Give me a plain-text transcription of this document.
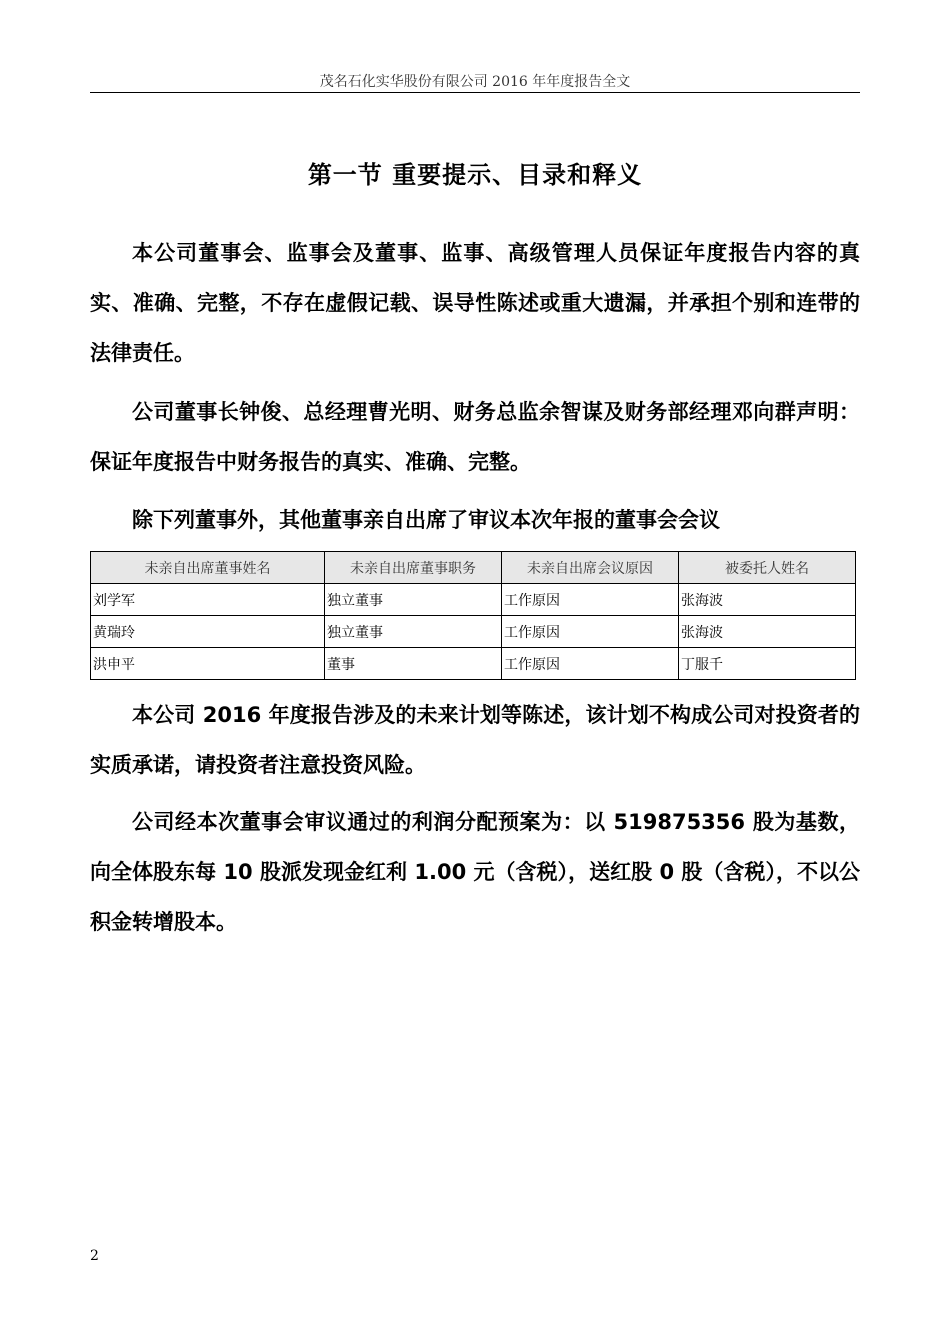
茂名石化实华股份有限公司 2016 年年度报告全文
第一节 重要提示、目录和释义

本公司董事会、监事会及董事、监事、高级管理人员保证年度报告内容的真实、准确、完整，不存在虚假记载、误导性陈述或重大遗漏，并承担个别和连带的法律责任。

公司董事长钟俊、总经理曹光明、财务总监余智谋及财务部经理邓向群声明：保证年度报告中财务报告的真实、准确、完整。

除下列董事外，其他董事亲自出席了审议本次年报的董事会会议

未亲自出席董事姓名	未亲自出席董事职务	未亲自出席会议原因	被委托人姓名
刘学军	独立董事	工作原因	张海波
黄瑞玲	独立董事	工作原因	张海波
洪申平	董事	工作原因	丁服千

本公司 2016 年度报告涉及的未来计划等陈述，该计划不构成公司对投资者的实质承诺，请投资者注意投资风险。

公司经本次董事会审议通过的利润分配预案为：以 519875356 股为基数，向全体股东每 10 股派发现金红利 1.00 元（含税），送红股 0 股（含税），不以公积金转增股本。

2
